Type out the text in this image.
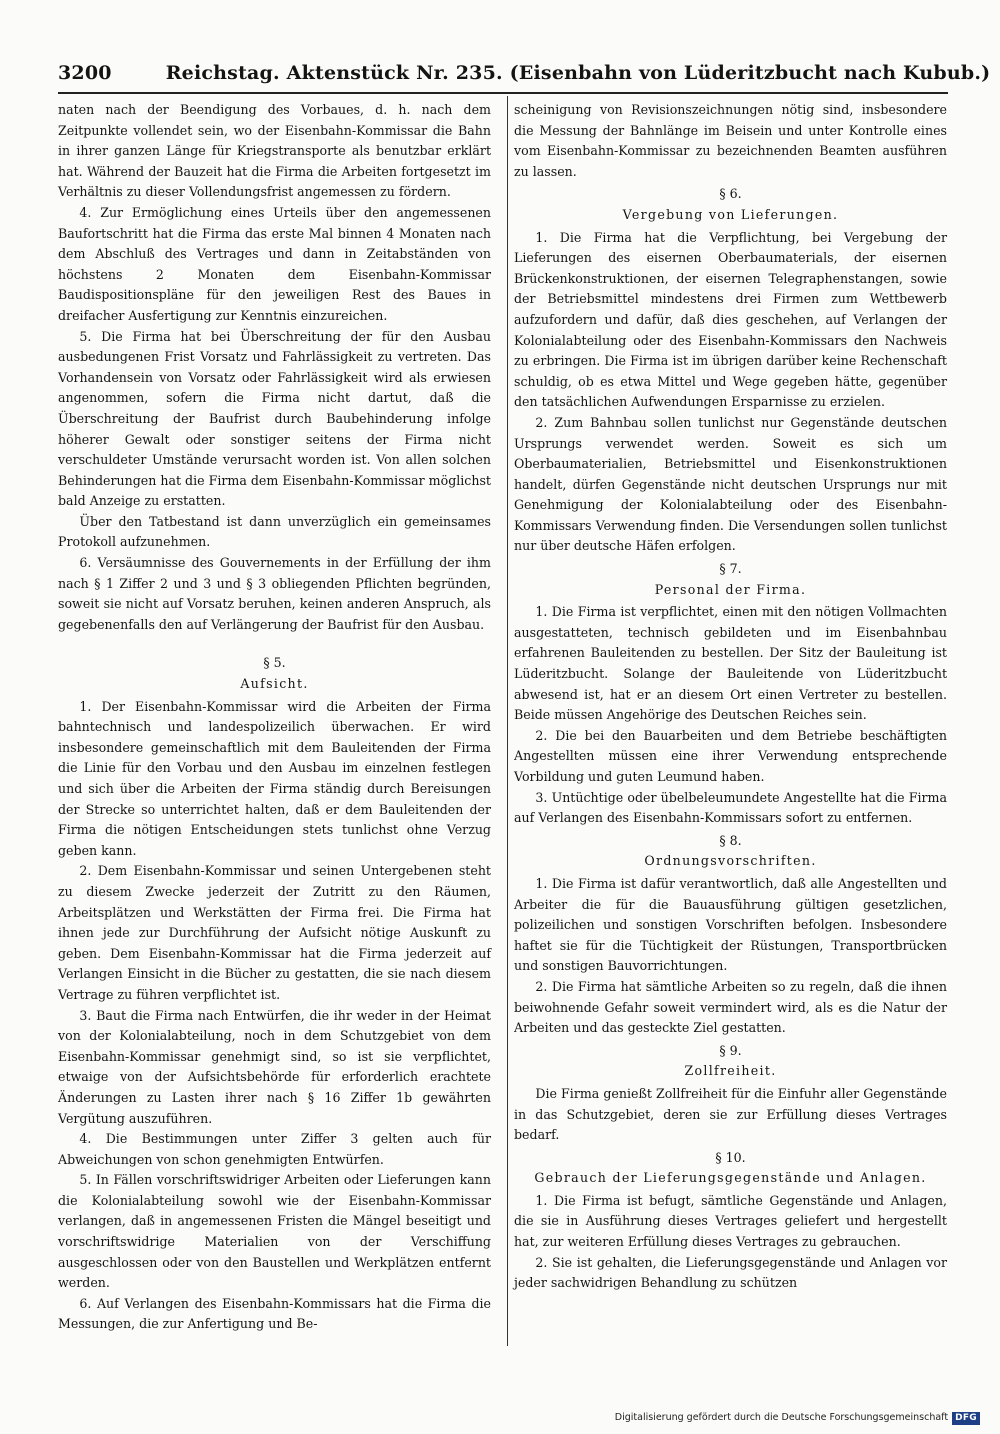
3200	Reichstag. Aktenstück Nr. 235. (Eisenbahn von Lüderitzbucht nach Kubub.)

naten nach der Beendigung des Vorbaues, d. h. nach dem Zeitpunkte vollendet sein, wo der Eisenbahn-Kommissar die Bahn in ihrer ganzen Länge für Kriegstransporte als benutzbar erklärt hat. Während der Bauzeit hat die Firma die Arbeiten fortgesetzt im Verhältnis zu dieser Vollendungsfrist angemessen zu fördern.

4. Zur Ermöglichung eines Urteils über den angemessenen Baufortschritt hat die Firma das erste Mal binnen 4 Monaten nach dem Abschluß des Vertrages und dann in Zeitabständen von höchstens 2 Monaten dem Eisenbahn-Kommissar Baudispositionspläne für den jeweiligen Rest des Baues in dreifacher Ausfertigung zur Kenntnis einzureichen.

5. Die Firma hat bei Überschreitung der für den Ausbau ausbedungenen Frist Vorsatz und Fahrlässigkeit zu vertreten. Das Vorhandensein von Vorsatz oder Fahrlässigkeit wird als erwiesen angenommen, sofern die Firma nicht dartut, daß die Überschreitung der Baufrist durch Baubehinderung infolge höherer Gewalt oder sonstiger seitens der Firma nicht verschuldeter Umstände verursacht worden ist. Von allen solchen Behinderungen hat die Firma dem Eisenbahn-Kommissar möglichst bald Anzeige zu erstatten.

Über den Tatbestand ist dann unverzüglich ein gemeinsames Protokoll aufzunehmen.

6. Versäumnisse des Gouvernements in der Erfüllung der ihm nach § 1 Ziffer 2 und 3 und § 3 obliegenden Pflichten begründen, soweit sie nicht auf Vorsatz beruhen, keinen anderen Anspruch, als gegebenenfalls den auf Verlängerung der Baufrist für den Ausbau.

§ 5.
Aufsicht.

1. Der Eisenbahn-Kommissar wird die Arbeiten der Firma bahntechnisch und landespolizeilich überwachen. Er wird insbesondere gemeinschaftlich mit dem Bauleitenden der Firma die Linie für den Vorbau und den Ausbau im einzelnen festlegen und sich über die Arbeiten der Firma ständig durch Bereisungen der Strecke so unterrichtet halten, daß er dem Bauleitenden der Firma die nötigen Entscheidungen stets tunlichst ohne Verzug geben kann.

2. Dem Eisenbahn-Kommissar und seinen Untergebenen steht zu diesem Zwecke jederzeit der Zutritt zu den Räumen, Arbeitsplätzen und Werkstätten der Firma frei. Die Firma hat ihnen jede zur Durchführung der Aufsicht nötige Auskunft zu geben. Dem Eisenbahn-Kommissar hat die Firma jederzeit auf Verlangen Einsicht in die Bücher zu gestatten, die sie nach diesem Vertrage zu führen verpflichtet ist.

3. Baut die Firma nach Entwürfen, die ihr weder in der Heimat von der Kolonialabteilung, noch in dem Schutzgebiet von dem Eisenbahn-Kommissar genehmigt sind, so ist sie verpflichtet, etwaige von der Aufsichtsbehörde für erforderlich erachtete Änderungen zu Lasten ihrer nach § 16 Ziffer 1b gewährten Vergütung auszuführen.

4. Die Bestimmungen unter Ziffer 3 gelten auch für Abweichungen von schon genehmigten Entwürfen.

5. In Fällen vorschriftswidriger Arbeiten oder Lieferungen kann die Kolonialabteilung sowohl wie der Eisenbahn-Kommissar verlangen, daß in angemessenen Fristen die Mängel beseitigt und vorschriftswidrige Materialien von der Verschiffung ausgeschlossen oder von den Baustellen und Werkplätzen entfernt werden.

6. Auf Verlangen des Eisenbahn-Kommissars hat die Firma die Messungen, die zur Anfertigung und Be-

scheinigung von Revisionszeichnungen nötig sind, insbesondere die Messung der Bahnlänge im Beisein und unter Kontrolle eines vom Eisenbahn-Kommissar zu bezeichnenden Beamten ausführen zu lassen.

§ 6.
Vergebung von Lieferungen.

1. Die Firma hat die Verpflichtung, bei Vergebung der Lieferungen des eisernen Oberbaumaterials, der eisernen Brückenkonstruktionen, der eisernen Telegraphenstangen, sowie der Betriebsmittel mindestens drei Firmen zum Wettbewerb aufzufordern und dafür, daß dies geschehen, auf Verlangen der Kolonialabteilung oder des Eisenbahn-Kommissars den Nachweis zu erbringen. Die Firma ist im übrigen darüber keine Rechenschaft schuldig, ob es etwa Mittel und Wege gegeben hätte, gegenüber den tatsächlichen Aufwendungen Ersparnisse zu erzielen.

2. Zum Bahnbau sollen tunlichst nur Gegenstände deutschen Ursprungs verwendet werden. Soweit es sich um Oberbaumaterialien, Betriebsmittel und Eisenkonstruktionen handelt, dürfen Gegenstände nicht deutschen Ursprungs nur mit Genehmigung der Kolonialabteilung oder des Eisenbahn-Kommissars Verwendung finden. Die Versendungen sollen tunlichst nur über deutsche Häfen erfolgen.

§ 7.
Personal der Firma.

1. Die Firma ist verpflichtet, einen mit den nötigen Vollmachten ausgestatteten, technisch gebildeten und im Eisenbahnbau erfahrenen Bauleitenden zu bestellen. Der Sitz der Bauleitung ist Lüderitzbucht. Solange der Bauleitende von Lüderitzbucht abwesend ist, hat er an diesem Ort einen Vertreter zu bestellen. Beide müssen Angehörige des Deutschen Reiches sein.

2. Die bei den Bauarbeiten und dem Betriebe beschäftigten Angestellten müssen eine ihrer Verwendung entsprechende Vorbildung und guten Leumund haben.

3. Untüchtige oder übelbeleumundete Angestellte hat die Firma auf Verlangen des Eisenbahn-Kommissars sofort zu entfernen.

§ 8.
Ordnungsvorschriften.

1. Die Firma ist dafür verantwortlich, daß alle Angestellten und Arbeiter die für die Bauausführung gültigen gesetzlichen, polizeilichen und sonstigen Vorschriften befolgen. Insbesondere haftet sie für die Tüchtigkeit der Rüstungen, Transportbrücken und sonstigen Bauvorrichtungen.

2. Die Firma hat sämtliche Arbeiten so zu regeln, daß die ihnen beiwohnende Gefahr soweit vermindert wird, als es die Natur der Arbeiten und das gesteckte Ziel gestatten.

§ 9.
Zollfreiheit.

Die Firma genießt Zollfreiheit für die Einfuhr aller Gegenstände in das Schutzgebiet, deren sie zur Erfüllung dieses Vertrages bedarf.

§ 10.
Gebrauch der Lieferungsgegenstände und Anlagen.

1. Die Firma ist befugt, sämtliche Gegenstände und Anlagen, die sie in Ausführung dieses Vertrages geliefert und hergestellt hat, zur weiteren Erfüllung dieses Vertrages zu gebrauchen.

2. Sie ist gehalten, die Lieferungsgegenstände und Anlagen vor jeder sachwidrigen Behandlung zu schützen

Digitalisierung gefördert durch die Deutsche Forschungsgemeinschaft DFG
